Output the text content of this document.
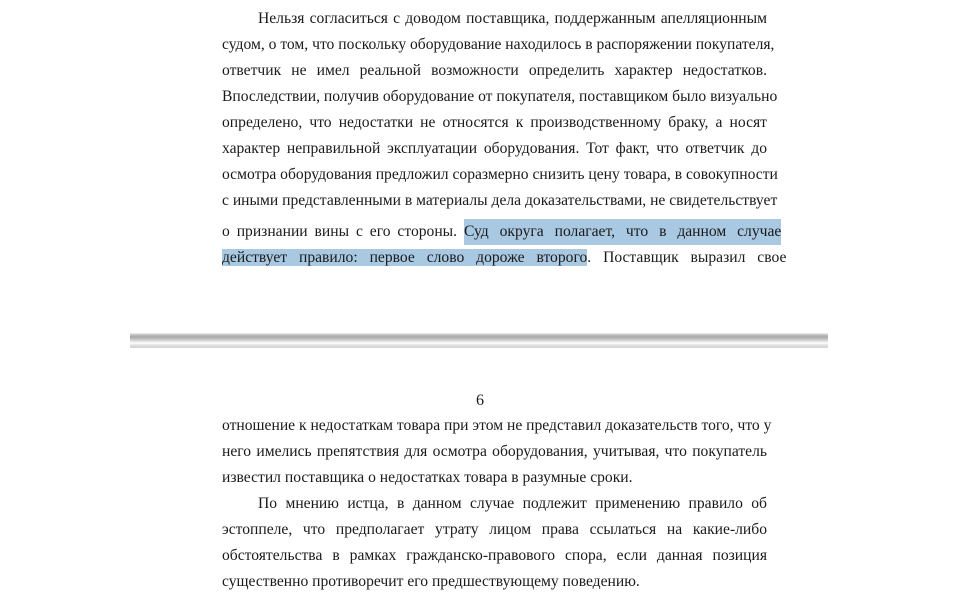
Нельзя согласиться с доводом поставщика, поддержанным апелляционным
судом, о том, что поскольку оборудование находилось в распоряжении покупателя,
ответчик не имел реальной возможности определить характер недостатков.
Впоследствии, получив оборудование от покупателя, поставщиком было визуально
определено, что недостатки не относятся к производственному браку, а носят
характер неправильной эксплуатации оборудования. Тот факт, что ответчик до
осмотра оборудования предложил соразмерно снизить цену товара, в совокупности
с иными представленными в материалы дела доказательствами, не свидетельствует
о признании вины с его стороны. Суд округа полагает, что в данном случае
действует правило: первое слово дороже второго. Поставщик выразил свое
6
отношение к недостаткам товара при этом не представил доказательств того, что у
него имелись препятствия для осмотра оборудования, учитывая, что покупатель
известил поставщика о недостатках товара в разумные сроки.
По мнению истца, в данном случае подлежит применению правило об
эстоппеле, что предполагает утрату лицом права ссылаться на какие-либо
обстоятельства в рамках гражданско-правового спора, если данная позиция
существенно противоречит его предшествующему поведению.
